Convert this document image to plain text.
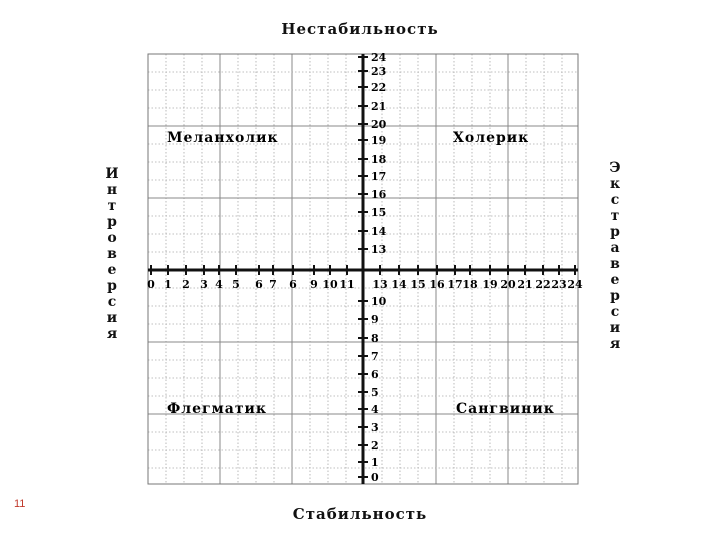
Нестабильность
И
н
т
р
о
в
е
р
с
и
я
Э
к
с
т
р
а
в
е
р
с
и
я
0 1 2 3 4 5 6 7 6 9 10 11 13 14 15 16 17 18 19 20 21 22 23 24
0
1
2
3
4
5
6
7
8
9
10
13
14
15
16
17
18
19
20
21
22
23
24
Меланхолик	Холерик
Флегматик	Сангвиник
Стабильность
11
